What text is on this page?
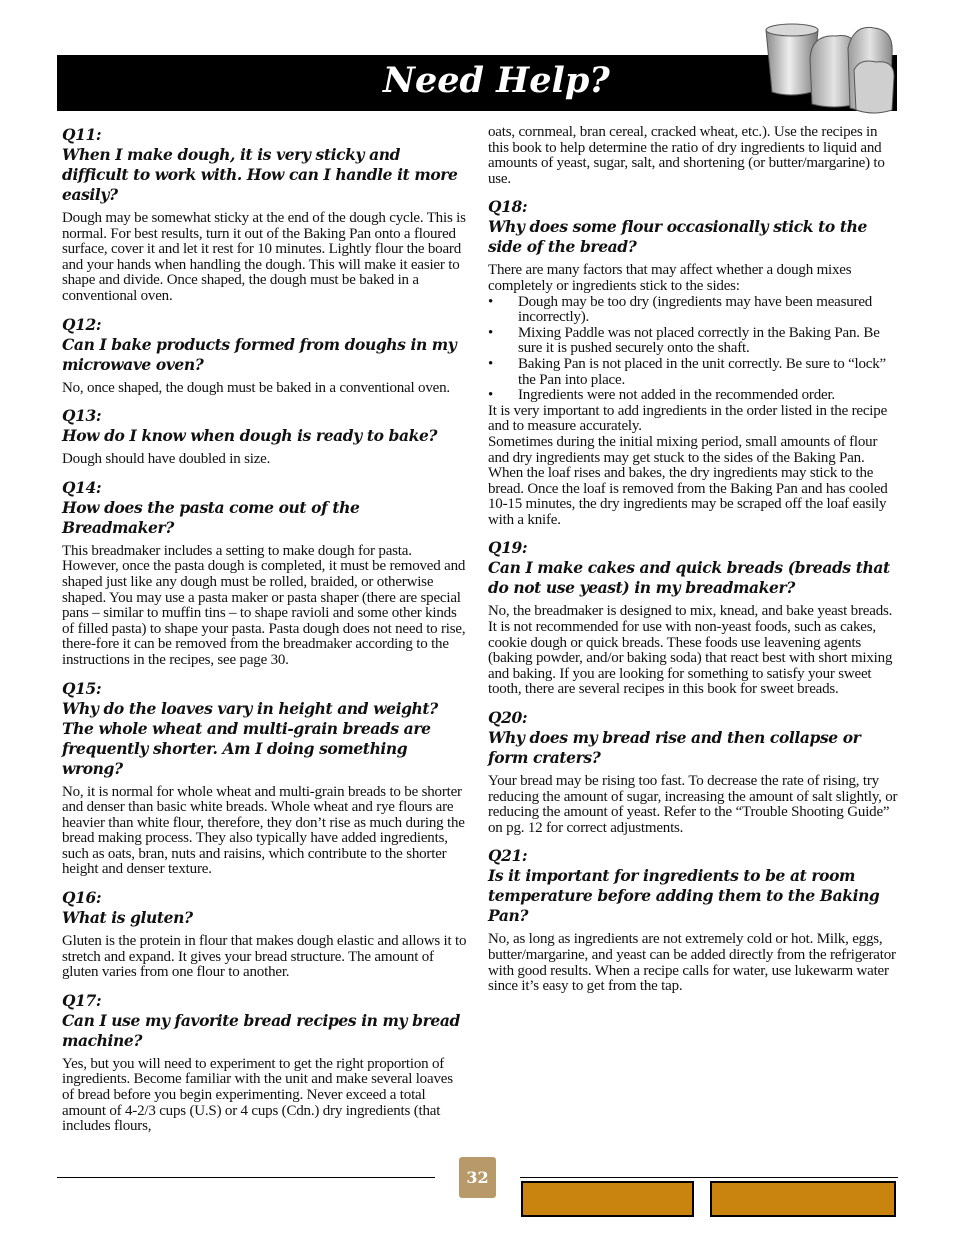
Need Help?

Q11:

When I make dough, it is very sticky and difficult to work with. How can I handle it more easily?

Dough may be somewhat sticky at the end of the dough cycle. This is normal. For best results, turn it out of the Baking Pan onto a floured surface, cover it and let it rest for 10 minutes. Lightly flour the board and your hands when handling the dough. This will make it easier to shape and divide. Once shaped, the dough must be baked in a conventional oven.

Q12:

Can I bake products formed from doughs in my microwave oven?

No, once shaped, the dough must be baked in a conventional oven.

Q13:

How do I know when dough is ready to bake?

Dough should have doubled in size.

Q14:

How does the pasta come out of the Breadmaker?

This breadmaker includes a setting to make dough for pasta. However, once the pasta dough is completed, it must be removed and shaped just like any dough must be rolled, braided, or otherwise shaped. You may use a pasta maker or pasta shaper (there are special pans – similar to muffin tins – to shape ravioli and some other kinds of filled pasta) to shape your pasta. Pasta dough does not need to rise, there-fore it can be removed from the breadmaker according to the instructions in the recipes, see page 30.

Q15:

Why do the loaves vary in height and weight? The whole wheat and multi-grain breads are frequently shorter. Am I doing something wrong?

No, it is normal for whole wheat and multi-grain breads to be shorter and denser than basic white breads. Whole wheat and rye flours are heavier than white flour, therefore, they don’t rise as much during the bread making process. They also typically have added ingredients, such as oats, bran, nuts and raisins, which contribute to the shorter height and denser texture.

Q16:

What is gluten?

Gluten is the protein in flour that makes dough elastic and allows it to stretch and expand. It gives your bread structure. The amount of gluten varies from one flour to another.

Q17:

Can I use my favorite bread recipes in my bread machine?

Yes, but you will need to experiment to get the right proportion of ingredients. Become familiar with the unit and make several loaves of bread before you begin experimenting. Never exceed a total amount of 4-2/3 cups (U.S) or 4 cups (Cdn.) dry ingredients (that includes flours,
oats, cornmeal, bran cereal, cracked wheat, etc.). Use the recipes in this book to help determine the ratio of dry ingredients to liquid and amounts of yeast, sugar, salt, and shortening (or butter/margarine) to use.

Q18:

Why does some flour occasionally stick to the side of the bread?

There are many factors that may affect whether a dough mixes completely or ingredients stick to the sides:

• Dough may be too dry (ingredients may have been measured incorrectly).
• Mixing Paddle was not placed correctly in the Baking Pan. Be sure it is pushed securely onto the shaft.
• Baking Pan is not placed in the unit correctly. Be sure to “lock” the Pan into place.
• Ingredients were not added in the recommended order.

It is very important to add ingredients in the order listed in the recipe and to measure accurately.

Sometimes during the initial mixing period, small amounts of flour and dry ingredients may get stuck to the sides of the Baking Pan. When the loaf rises and bakes, the dry ingredients may stick to the bread. Once the loaf is removed from the Baking Pan and has cooled 10-15 minutes, the dry ingredients may be scraped off the loaf easily with a knife.

Q19:

Can I make cakes and quick breads (breads that do not use yeast) in my breadmaker?

No, the breadmaker is designed to mix, knead, and bake yeast breads. It is not recommended for use with non-yeast foods, such as cakes, cookie dough or quick breads. These foods use leavening agents (baking powder, and/or baking soda) that react best with short mixing and baking. If you are looking for something to satisfy your sweet tooth, there are several recipes in this book for sweet breads.

Q20:

Why does my bread rise and then collapse or form craters?

Your bread may be rising too fast. To decrease the rate of rising, try reducing the amount of sugar, increasing the amount of salt slightly, or reducing the amount of yeast. Refer to the “Trouble Shooting Guide” on pg. 12 for correct adjustments.

Q21:

Is it important for ingredients to be at room temperature before adding them to the Baking Pan?

No, as long as ingredients are not extremely cold or hot. Milk, eggs, butter/margarine, and yeast can be added directly from the refrigerator with good results. When a recipe calls for water, use lukewarm water since it’s easy to get from the tap.
32
